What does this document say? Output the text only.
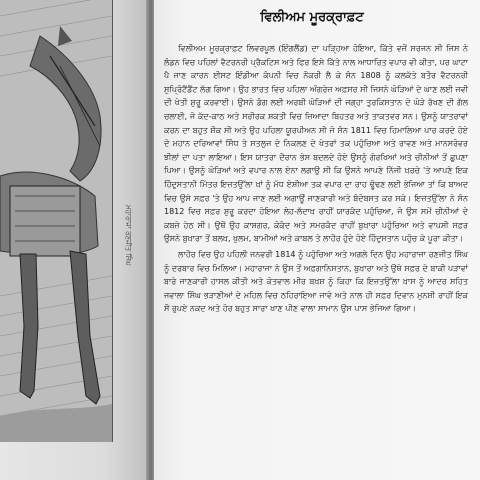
ਮਹਾਰਾਜਾ ਰਣਜੀਤ ਸਿੰਘ
ਵਿਲੀਅਮ ਮੂਰਕ੍ਰਾਫ਼ਟ

ਵਿਲੀਅਮ ਮੂਰਕ੍ਰਾਫ਼ਟ ਲਿਵਰਪੂਲ (ਇੰਗਲੈਂਡ) ਦਾ ਪੜ੍ਹਿਆ ਹੋਇਆ, ਕਿੱਤੇ ਵਜੋਂ ਸਰਜਨ ਸੀ ਜਿਸ ਨੇ ਲੰਡਨ ਵਿਚ ਪਹਿਲਾਂ ਵੈਟਰਨਰੀ ਪ੍ਰੈਕਟਿਸ ਅਤੇ ਫਿਰ ਇਸੇ ਕਿੱਤੇ ਨਾਲ ਆਧਾਰਿਤ ਵਪਾਰ ਵੀ ਕੀਤਾ, ਪਰ ਘਾਟਾ ਪੈ ਜਾਣ ਕਾਰਨ ਈਸਟ ਇੰਡੀਆ ਕੰਪਨੀ ਵਿਚ ਨੌਕਰੀ ਲੈ ਕੇ ਸੰਨ 1808 ਨੂੰ ਕਲਕੱਤੇ ਬਤੌਰ ਵੈਟਰਨਰੀ ਸੁਪ੍ਰਿੰਟੈਂਡੈਂਟ ਲੱਗ ਗਿਆ। ਉਹ ਭਾਰਤ ਵਿਚ ਪਹਿਲਾ ਅੰਗਰੇਜ਼ ਅਫ਼ਸਰ ਸੀ ਜਿਸਨੇ ਘੋੜਿਆਂ ਦੇ ਘਾਣ ਲਈ ਜਵੀ ਦੀ ਖੇਤੀ ਸ਼ੁਰੂ ਕਰਵਾਈ। ਉਸਨੇ ਡੰਗ ਲਈ ਅਰਬੀ ਘੋੜਿਆਂ ਦੀ ਜਗ੍ਹਾ ਤੁਰਕਿਸਤਾਨ ਦੇ ਘੋੜੇ ਰੱਖਣ ਦੀ ਗੱਲ ਚਲਾਈ, ਜੋ ਕੱਦ-ਕਾਠ ਅਤੇ ਸਰੀਰਕ ਸ਼ਕਤੀ ਵਿਚ ਜ਼ਿਆਦਾ ਬਿਹਤਰ ਅਤੇ ਤਾਕਤਵਰ ਸਨ। ਉਸਨੂੰ ਯਾਤਰਾਵਾਂ ਕਰਨ ਦਾ ਬਹੁਤ ਸ਼ੌਕ ਸੀ ਅਤੇ ਉਹ ਪਹਿਲਾ ਯੂਰਪੀਅਨ ਸੀ ਜੋ ਸੰਨ 1811 ਵਿਚ ਹਿਮਾਲਿਆ ਪਾਰ ਕਰਦੇ ਹੋਏ ਦੋ ਮਹਾਨ ਦਰਿਆਵਾਂ ਸਿੰਧ ਤੇ ਸਤਲੁਜ ਦੇ ਨਿਕਲਣ ਦੇ ਖੇਤਰਾਂ ਤਕ ਪਹੁੰਚਿਆ ਅਤੇ ਰਾਵਣ ਅਤੇ ਮਾਨਸਰੋਵਰ ਝੀਲਾਂ ਦਾ ਪਤਾ ਲਾਇਆ। ਇਸ ਯਾਤਰਾ ਦੌਰਾਨ ਭੇਸ ਬਦਲਦੇ ਹੋਏ ਉਸਨੂੰ ਗੋਰਖਿਆਂ ਅਤੇ ਚੀਨੀਆਂ ਤੋਂ ਛੁਪਣਾ ਪਿਆ। ਉਸਨੂੰ ਘੋੜਿਆਂ ਅਤੇ ਵਪਾਰ ਨਾਲ ਏਨਾ ਲਗਾਉ ਸੀ ਕਿ ਉਸਨੇ ਆਪਣੇ ਨਿੱਜੀ ਖ਼ਰਚੇ 'ਤੇ ਆਪਣੇ ਇਕ ਹਿੰਦੁਸਤਾਨੀ ਮਿੱਤਰ ਇਜ਼ਤਉੱਲਾ ਖ਼ਾਂ ਨੂੰ ਮੱਧ ਏਸ਼ੀਆ ਤਕ ਵਪਾਰ ਦਾ ਰਾਹ ਢੂੰਢਣ ਲਈ ਭੇਜਿਆ ਤਾਂ ਕਿ ਬਾਅਦ ਵਿਚ ਉਸੇ ਸਫ਼ਰ 'ਤੇ ਉਹ ਆਪ ਜਾਣ ਲਈ ਅਗਾਊਂ ਜਾਣਕਾਰੀ ਅਤੇ ਬੰਦੋਬਸਤ ਕਰ ਸਕੇ। ਇਜ਼ਤਉੱਲਾ ਨੇ ਸੰਨ 1812 ਵਿਚ ਸਫ਼ਰ ਸ਼ੁਰੂ ਕਰਦਾ ਹੋਇਆ ਲੇਹ-ਲੱਦਾਖ਼ ਰਾਹੀਂ ਯਾਰਕੰਦ ਪਹੁੰਚਿਆ, ਜੋ ਉਸ ਸਮੇਂ ਚੀਨੀਆਂ ਦੇ ਕਬਜ਼ੇ ਹੇਠ ਸੀ। ਉਥੋਂ ਉਹ ਕਾਸ਼ਗਰ, ਕੋਕੰਦ ਅਤੇ ਸਮਰਕੰਦ ਰਾਹੀਂ ਬੁਖ਼ਾਰਾ ਪਹੁੰਚਿਆ ਅਤੇ ਵਾਪਸੀ ਸਫ਼ਰ ਉਸਨੇ ਬੁਖ਼ਾਰਾ ਤੋਂ ਬਲਖ਼, ਖੁਲਮ, ਬਾਮੀਆਂ ਅਤੇ ਕਾਬਲ ਤੇ ਲਾਹੌਰ ਹੁੰਦੇ ਹੋਏ ਹਿੰਦੁਸਤਾਨ ਪਹੁੰਚ ਕੇ ਪੂਰਾ ਕੀਤਾ।

ਲਾਹੌਰ ਵਿਚ ਉਹ ਪਹਿਲੀ ਜਨਵਰੀ 1814 ਨੂੰ ਪਹੁੰਚਿਆ ਅਤੇ ਅਗਲੇ ਦਿਨ ਉਹ ਮਹਾਰਾਜਾ ਰਣਜੀਤ ਸਿੰਘ ਨੂੰ ਦਰਬਾਰ ਵਿਚ ਮਿਲਿਆ। ਮਹਾਰਾਜਾ ਨੇ ਉਸ ਤੋਂ ਅਫ਼ਗਾਨਿਸਤਾਨ, ਬੁਖ਼ਾਰਾ ਅਤੇ ਉਥੇ ਸਫ਼ਰ ਦੇ ਬਾਕੀ ਪੜਾਵਾਂ ਬਾਰੇ ਜਾਣਕਾਰੀ ਹਾਸਲ ਕੀਤੀ ਅਤੇ ਕੋਤਵਾਲ ਮੀਰ ਬਖ਼ਸ਼ ਨੂੰ ਕਿਹਾ ਕਿ ਇਜ਼ਤਉੱਲਾ ਖ਼ਾਸ ਨੂੰ ਆਦਰ ਸਹਿਤ ਜਵਾਲਾ ਸਿੰਘ ਭੜਾਣੀਆਂ ਦੇ ਮਹਿਲ ਵਿਚ ਠਹਿਰਾਇਆ ਜਾਵੇ ਅਤੇ ਨਾਲ ਹੀ ਸਫ਼ਰ ਦਿਵਾਨ ਮੁਨਸ਼ੀ ਰਾਹੀਂ ਇਕ ਸੌ ਰੁਪਏ ਨਕਦ ਅਤੇ ਹੋਰ ਬਹੁਤ ਸਾਰਾ ਖਾਣ ਪੀਣ ਵਾਲਾ ਸਾਮਾਨ ਉਸ ਪਾਸ ਭੇਜਿਆ ਗਿਆ।
